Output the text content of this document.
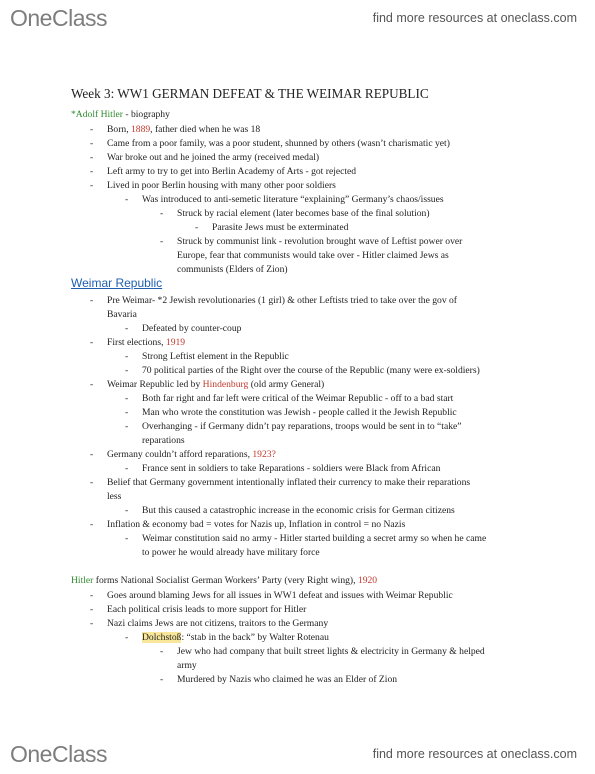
OneClass	find more resources at oneclass.com
Week 3: WW1 GERMAN DEFEAT & THE WEIMAR REPUBLIC
*Adolf Hitler - biography
- Born, 1889, father died when he was 18
- Came from a poor family, was a poor student, shunned by others (wasn’t charismatic yet)
- War broke out and he joined the army (received medal)
- Left army to try to get into Berlin Academy of Arts - got rejected
- Lived in poor Berlin housing with many other poor soldiers
- Was introduced to anti-semetic literature “explaining” Germany’s chaos/issues
- Struck by racial element (later becomes base of the final solution)
- Parasite Jews must be exterminated
- Struck by communist link - revolution brought wave of Leftist power over
Europe, fear that communists would take over - Hitler claimed Jews as
communists (Elders of Zion)
Weimar Republic
- Pre Weimar- *2 Jewish revolutionaries (1 girl) & other Leftists tried to take over the gov of
Bavaria
- Defeated by counter-coup
- First elections, 1919
- Strong Leftist element in the Republic
- 70 political parties of the Right over the course of the Republic (many were ex-soldiers)
- Weimar Republic led by Hindenburg (old army General)
- Both far right and far left were critical of the Weimar Republic - off to a bad start
- Man who wrote the constitution was Jewish - people called it the Jewish Republic
- Overhanging - if Germany didn’t pay reparations, troops would be sent in to “take”
reparations
- Germany couldn’t afford reparations, 1923?
- France sent in soldiers to take Reparations - soldiers were Black from African
- Belief that Germany government intentionally inflated their currency to make their reparations
less
- But this caused a catastrophic increase in the economic crisis for German citizens
- Inflation & economy bad = votes for Nazis up, Inflation in control = no Nazis
- Weimar constitution said no army - Hitler started building a secret army so when he came
to power he would already have military force
Hitler forms National Socialist German Workers’ Party (very Right wing), 1920
- Goes around blaming Jews for all issues in WW1 defeat and issues with Weimar Republic
- Each political crisis leads to more support for Hitler
- Nazi claims Jews are not citizens, traitors to the Germany
- Dolchstoß: “stab in the back” by Walter Rotenau
- Jew who had company that built street lights & electricity in Germany & helped
army
- Murdered by Nazis who claimed he was an Elder of Zion
OneClass	find more resources at oneclass.com
